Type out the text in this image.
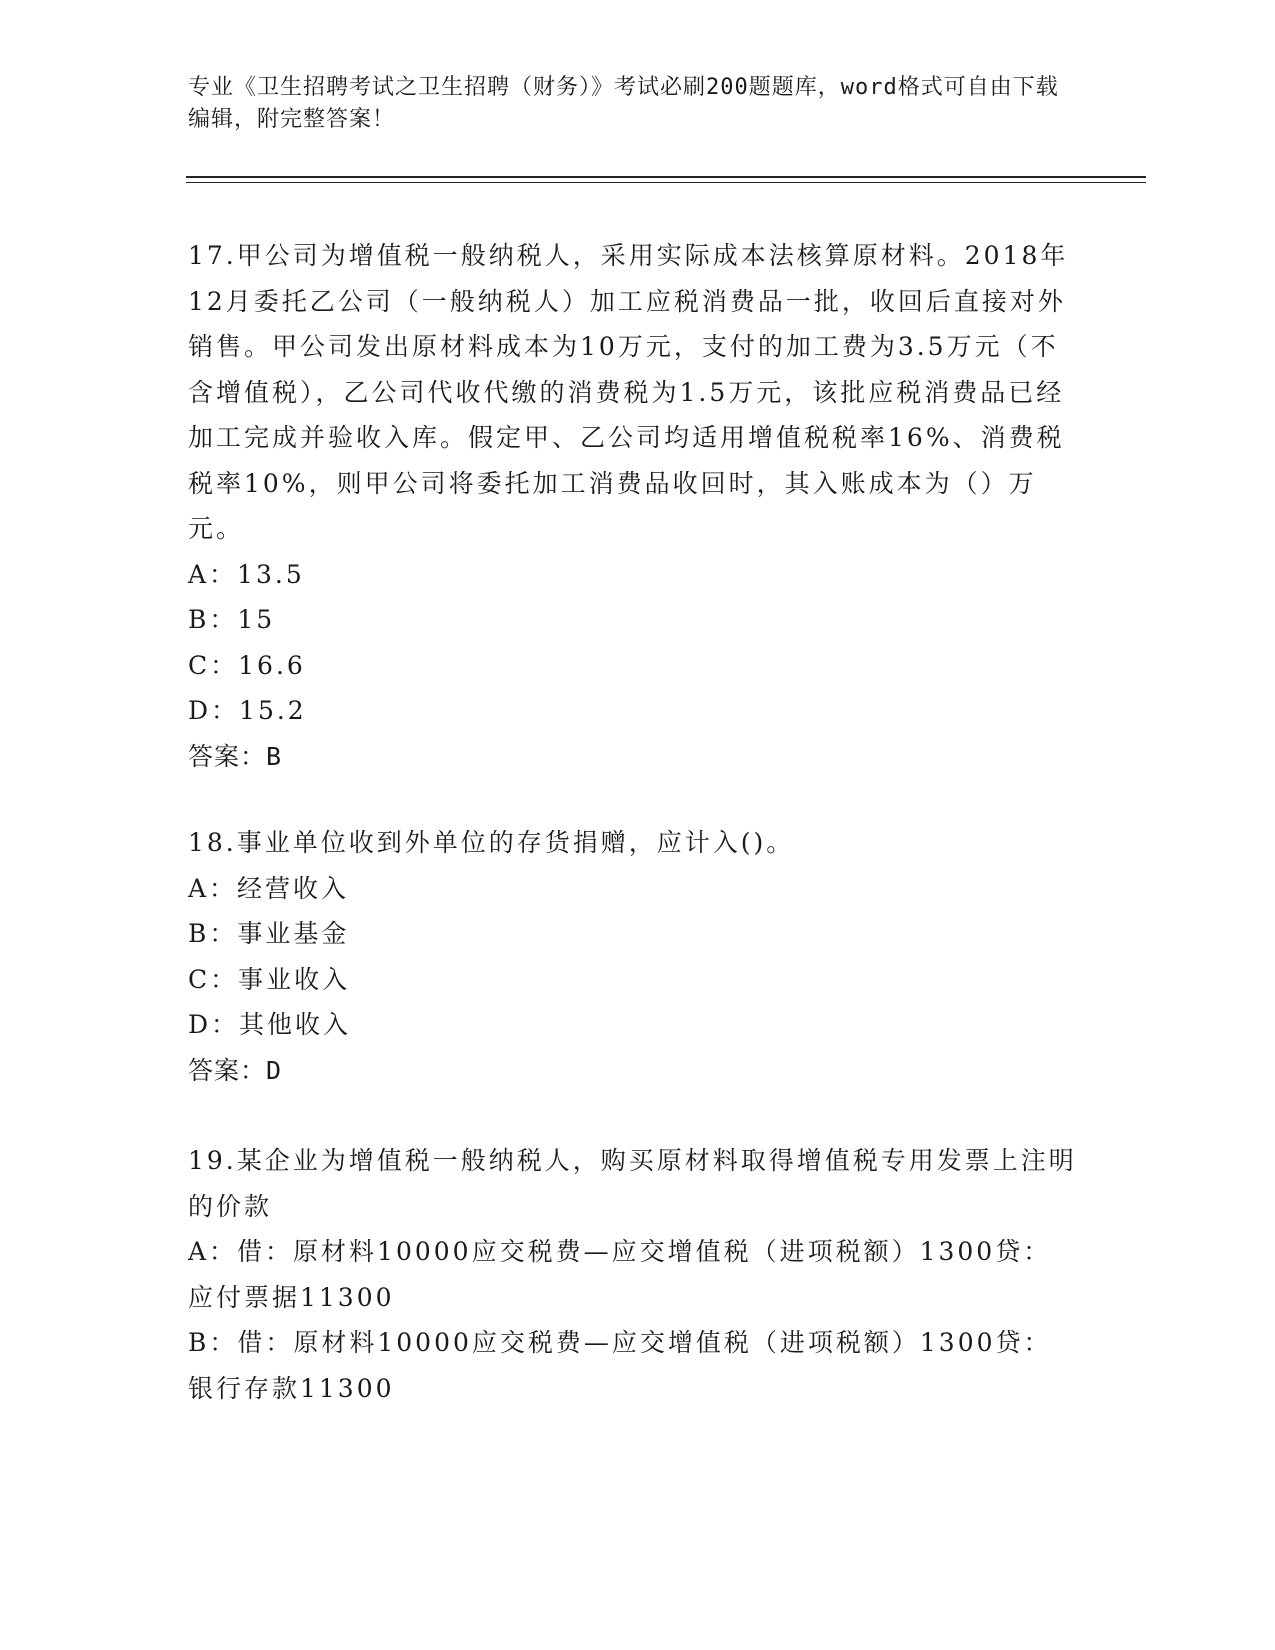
专业《卫生招聘考试之卫生招聘（财务）》考试必刷200题题库，word格式可自由下载编辑，附完整答案！

17.甲公司为增值税一般纳税人，采用实际成本法核算原材料。2018年12月委托乙公司（一般纳税人）加工应税消费品一批，收回后直接对外销售。甲公司发出原材料成本为10万元，支付的加工费为3.5万元（不含增值税），乙公司代收代缴的消费税为1.5万元，该批应税消费品已经加工完成并验收入库。假定甲、乙公司均适用增值税税率16%、消费税税率10%，则甲公司将委托加工消费品收回时，其入账成本为（）万元。

A：13.5
B：15
C：16.6
D：15.2
答案：B

18.事业单位收到外单位的存货捐赠，应计入()。

A：经营收入
B：事业基金
C：事业收入
D：其他收入
答案：D

19.某企业为增值税一般纳税人，购买原材料取得增值税专用发票上注明的价款

A：借：原材料10000应交税费—应交增值税（进项税额）1300贷：应付票据11300
B：借：原材料10000应交税费—应交增值税（进项税额）1300贷：银行存款11300
